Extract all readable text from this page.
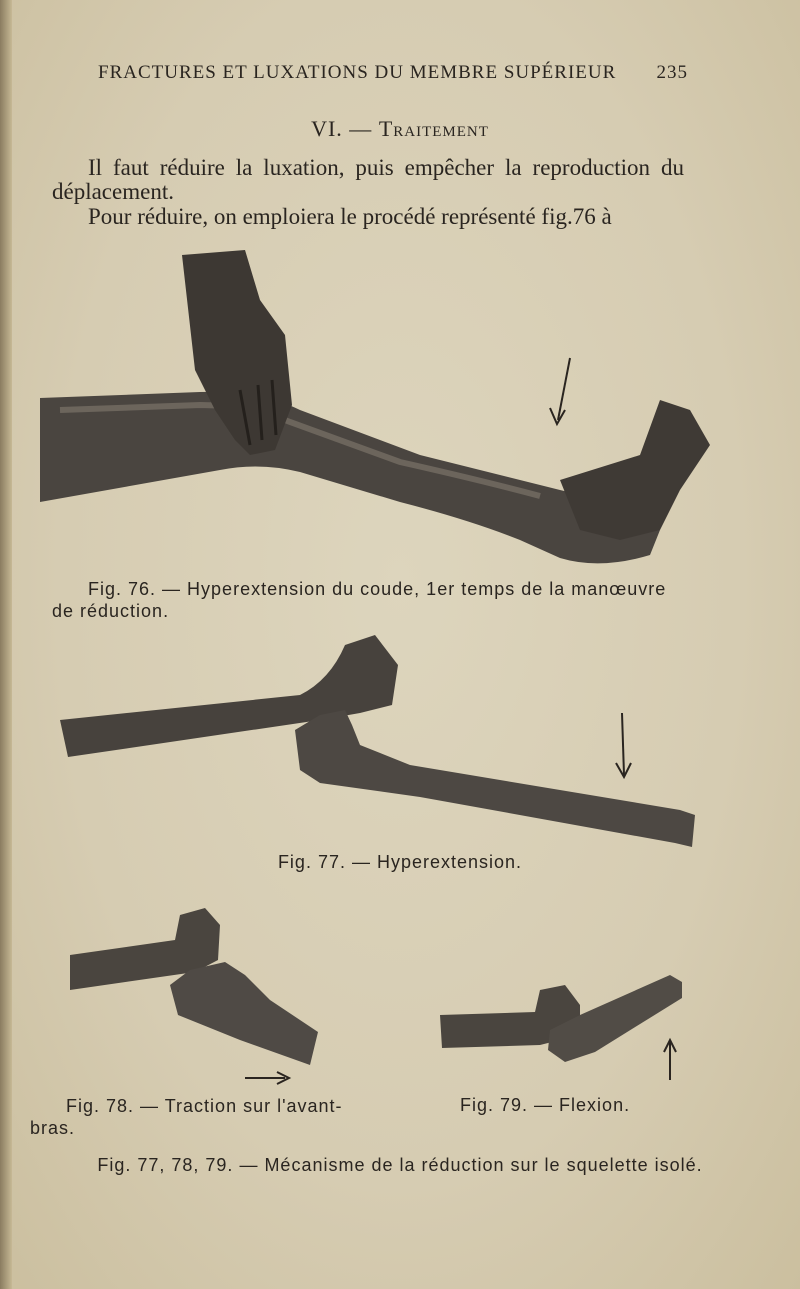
FRACTURES ET LUXATIONS DU MEMBRE SUPÉRIEUR 235
VI. — Traitement
Il faut réduire la luxation, puis empêcher la reproduction du déplacement.
Pour réduire, on emploiera le procédé représenté fig.76 à
Fig. 76. — Hyperextension du coude, 1er temps de la manœuvre de réduction.
Fig. 77. — Hyperextension.
Fig. 78. — Traction sur l'avant-bras.
Fig. 79. — Flexion.
Fig. 77, 78, 79. — Mécanisme de la réduction sur le squelette isolé.
